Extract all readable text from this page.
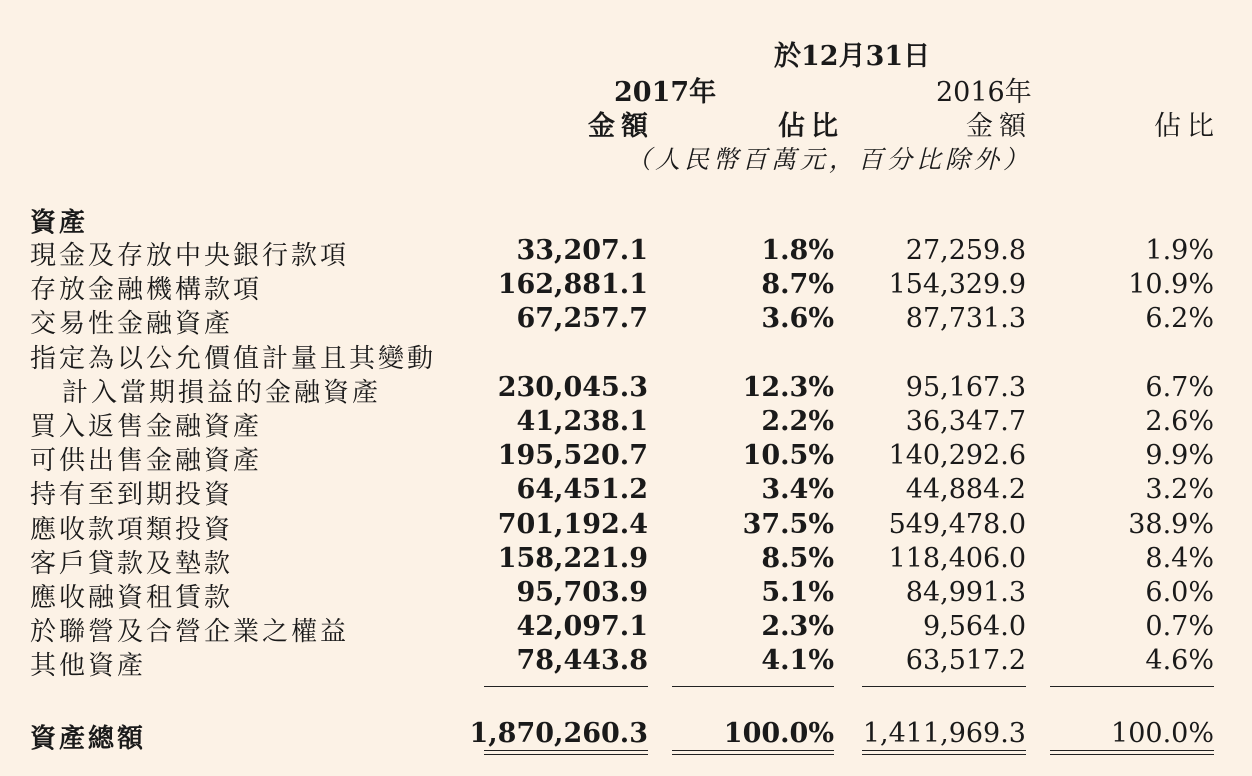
於12月31日
2017年	2016年
金額	佔比	金額	佔比
（人民幣百萬元，百分比除外）
資產
現金及存放中央銀行款項	33,207.1	1.8%	27,259.8	1.9%
存放金融機構款項	162,881.1	8.7% 154,329.9	10.9%
交易性金融資產	67,257.7	3.6%	87,731.3	6.2%
指定為以公允價值計量且其變動
計入當期損益的金融資產	230,045.3	12.3%	95,167.3	6.7%
買入返售金融資產	41,238.1	2.2%	36,347.7	2.6%
可供出售金融資產	195,520.7	10.5% 140,292.6	9.9%
持有至到期投資	64,451.2	3.4%	44,884.2	3.2%
應收款項類投資	701,192.4	37.5% 549,478.0	38.9%
客戶貸款及墊款	158,221.9	8.5% 118,406.0	8.4%
應收融資租賃款	95,703.9	5.1%	84,991.3	6.0%
於聯營及合營企業之權益	42,097.1	2.3%	9,564.0	0.7%
其他資產	78,443.8	4.1%	63,517.2	4.6%
資產總額	1,870,260.3	100.0% 1,411,969.3	100.0%
